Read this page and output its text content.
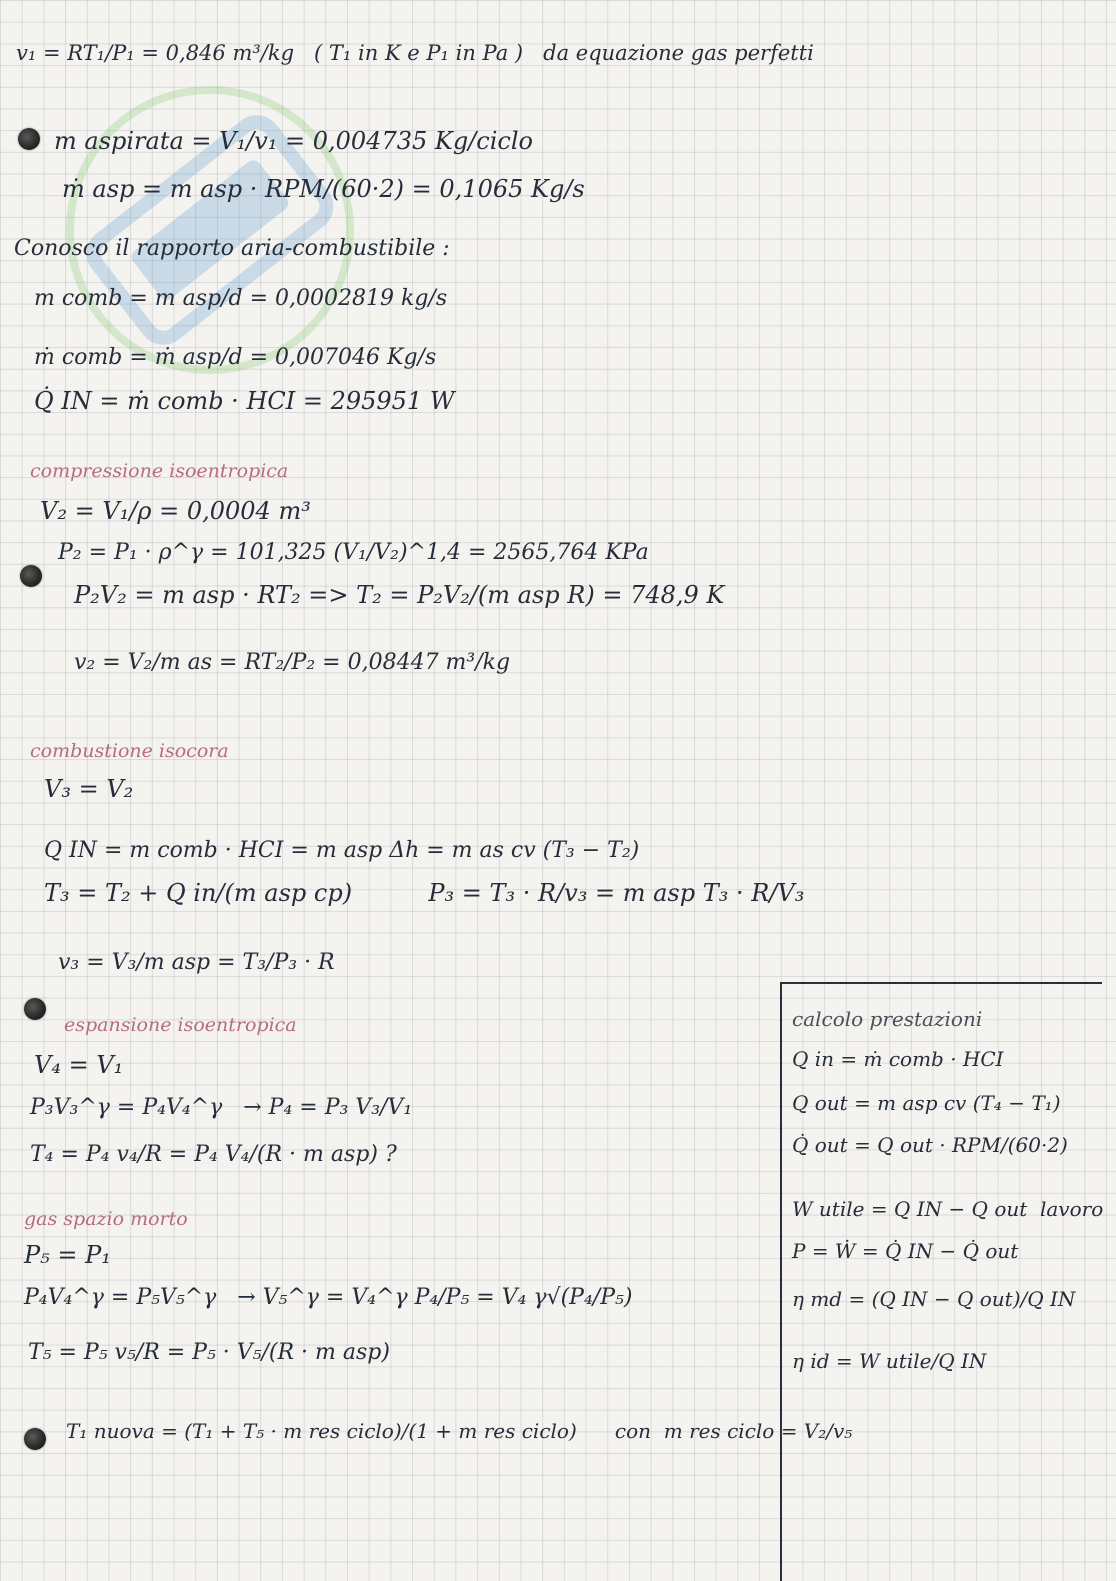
v₁ = RT₁/P₁ = 0,846 m³/kg   ( T₁ in K e P₁ in Pa )   da equazione gas perfetti
m aspirata = V₁/v₁ = 0,004735 Kg/ciclo
ṁ asp = m asp · RPM/(60·2) = 0,1065 Kg/s
Conosco il rapporto aria-combustibile :
m comb = m asp/d = 0,0002819 kg/s
ṁ comb = ṁ asp/d = 0,007046 Kg/s
Q̇ IN = ṁ comb · HCI = 295951 W
compressione isoentropica
V₂ = V₁/ρ = 0,0004 m³
P₂ = P₁ · ρ^γ = 101,325 (V₁/V₂)^1,4 = 2565,764 KPa
P₂V₂ = m asp · RT₂ => T₂ = P₂V₂/(m asp R) = 748,9 K
v₂ = V₂/m as = RT₂/P₂ = 0,08447 m³/kg
combustione isocora
V₃ = V₂
Q IN = m comb · HCI = m asp Δh = m as cv (T₃ − T₂)
T₃ = T₂ + Q in/(m asp cp)          P₃ = T₃ · R/v₃ = m asp T₃ · R/V₃
v₃ = V₃/m asp = T₃/P₃ · R
espansione isoentropica
V₄ = V₁
P₃V₃^γ = P₄V₄^γ   → P₄ = P₃ V₃/V₁
T₄ = P₄ v₄/R = P₄ V₄/(R · m asp) ?
gas spazio morto
P₅ = P₁
P₄V₄^γ = P₅V₅^γ   → V₅^γ = V₄^γ P₄/P₅ = V₄ γ√(P₄/P₅)
T₅ = P₅ v₅/R = P₅ · V₅/(R · m asp)
T₁ nuova = (T₁ + T₅ · m res ciclo)/(1 + m res ciclo)      con  m res ciclo = V₂/v₅
calcolo prestazioni
Q in = ṁ comb · HCI
Q out = m asp cv (T₄ − T₁)
Q̇ out = Q out · RPM/(60·2)
W utile = Q IN − Q out  lavoro
P = Ẇ = Q̇ IN − Q̇ out
η md = (Q IN − Q out)/Q IN
η id = W utile/Q IN
